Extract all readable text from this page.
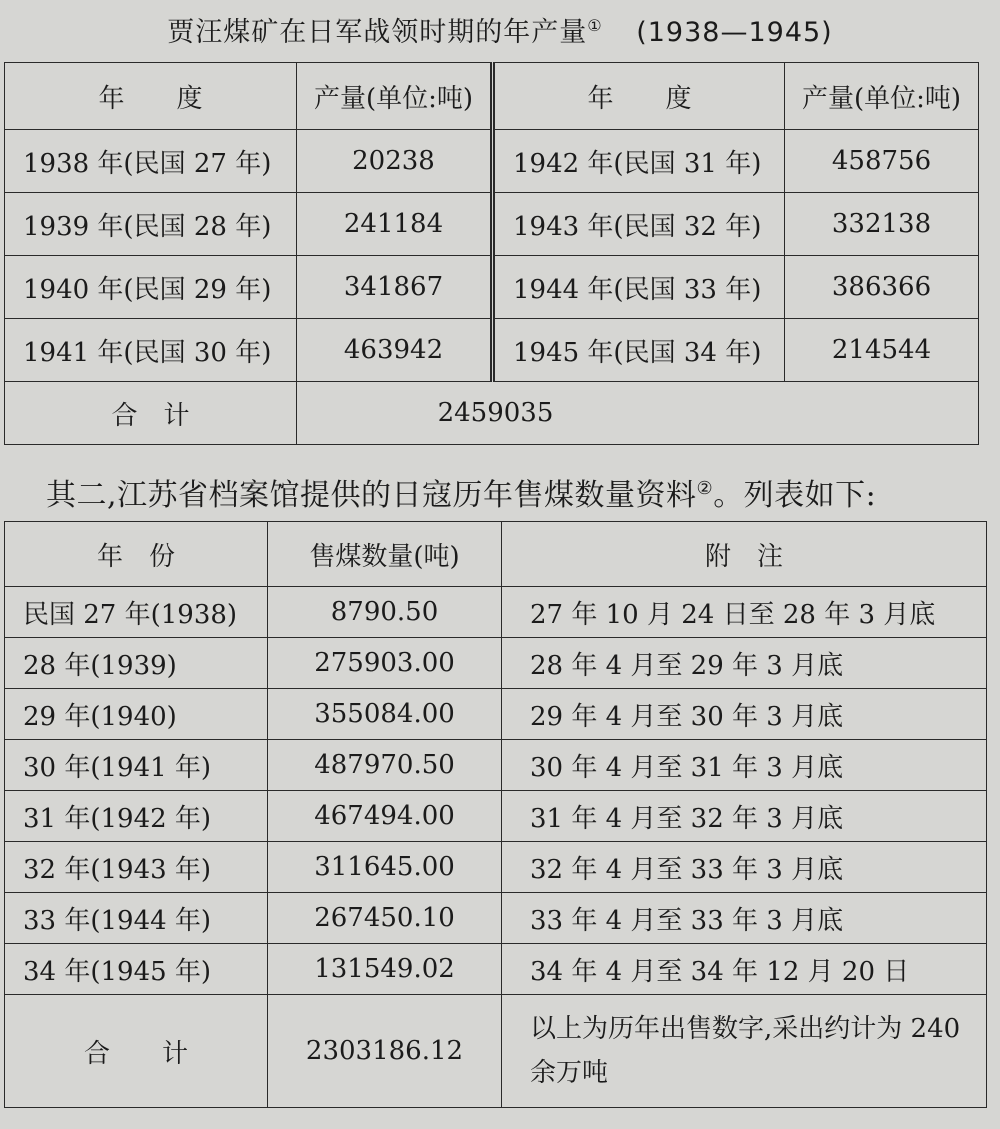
贾汪煤矿在日军战领时期的年产量① (1938—1945)
年　　度	产量(单位:吨)	年　　度	产量(单位:吨)
1938 年(民国 27 年)	20238	1942 年(民国 31 年)	458756
1939 年(民国 28 年)	241184	1943 年(民国 32 年)	332138
1940 年(民国 29 年)	341867	1944 年(民国 33 年)	386366
1941 年(民国 30 年)	463942	1945 年(民国 34 年)	214544
合　计	2459035		
其二,江苏省档案馆提供的日寇历年售煤数量资料②。列表如下:
年　份	售煤数量(吨)	附　注
民国 27 年(1938)	8790.50	27 年 10 月 24 日至 28 年 3 月底
28 年(1939)	275903.00	28 年 4 月至 29 年 3 月底
29 年(1940)	355084.00	29 年 4 月至 30 年 3 月底
30 年(1941 年)	487970.50	30 年 4 月至 31 年 3 月底
31 年(1942 年)	467494.00	31 年 4 月至 32 年 3 月底
32 年(1943 年)	311645.00	32 年 4 月至 33 年 3 月底
33 年(1944 年)	267450.10	33 年 4 月至 33 年 3 月底
34 年(1945 年)	131549.02	34 年 4 月至 34 年 12 月 20 日
合　　计	2303186.12	以上为历年出售数字,采出约计为 240 余万吨
